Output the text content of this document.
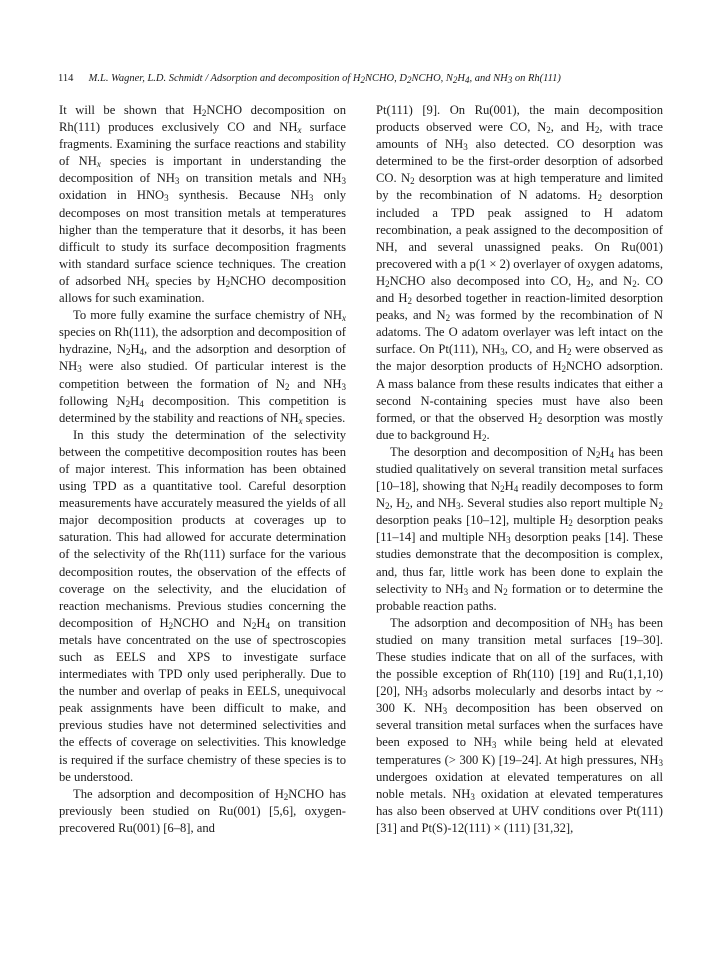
114 M.L. Wagner, L.D. Schmidt / Adsorption and decomposition of $H_2NCHO$, $D_2NCHO$, $N_2H_4$, and $NH_3$ on Rh(111)

It will be shown that $H_2NCHO$ decomposition on Rh(111) produces exclusively CO and $NH_x$ surface fragments. Examining the surface reactions and stability of $NH_x$ species is important in understanding the decomposition of $NH_3$ on transition metals and $NH_3$ oxidation in $HNO_3$ synthesis. Because $NH_3$ only decomposes on most transition metals at temperatures higher than the temperature that it desorbs, it has been difficult to study its surface decomposition fragments with standard surface science techniques. The creation of adsorbed $NH_x$ species by $H_2NCHO$ decomposition allows for such examination.

To more fully examine the surface chemistry of $NH_x$ species on Rh(111), the adsorption and decomposition of hydrazine, $N_2H_4$, and the adsorption and desorption of $NH_3$ were also studied. Of particular interest is the competition between the formation of $N_2$ and $NH_3$ following $N_2H_4$ decomposition. This competition is determined by the stability and reactions of $NH_x$ species.

In this study the determination of the selectivity between the competitive decomposition routes has been of major interest. This information has been obtained using TPD as a quantitative tool. Careful desorption measurements have accurately measured the yields of all major decomposition products at coverages up to saturation. This had allowed for accurate determination of the selectivity of the Rh(111) surface for the various decomposition routes, the observation of the effects of coverage on the selectivity, and the elucidation of reaction mechanisms. Previous studies concerning the decomposition of $H_2NCHO$ and $N_2H_4$ on transition metals have concentrated on the use of spectroscopies such as EELS and XPS to investigate surface intermediates with TPD only used peripherally. Due to the number and overlap of peaks in EELS, unequivocal peak assignments have been difficult to make, and previous studies have not determined selectivities and the effects of coverage on selectivities. This knowledge is required if the surface chemistry of these species is to be understood.

The adsorption and decomposition of $H_2NCHO$ has previously been studied on Ru(001) [5,6], oxygen-precovered Ru(001) [6–8], and

Pt(111) [9]. On Ru(001), the main decomposition products observed were CO, $N_2$, and $H_2$, with trace amounts of $NH_3$ also detected. CO desorption was determined to be the first-order desorption of adsorbed CO. $N_2$ desorption was at high temperature and limited by the recombination of N adatoms. $H_2$ desorption included a TPD peak assigned to H adatom recombination, a peak assigned to the decomposition of NH, and several unassigned peaks. On Ru(001) precovered with a p(1 × 2) overlayer of oxygen adatoms, $H_2NCHO$ also decomposed into CO, $H_2$, and $N_2$. CO and $H_2$ desorbed together in reaction-limited desorption peaks, and $N_2$ was formed by the recombination of N adatoms. The O adatom overlayer was left intact on the surface. On Pt(111), $NH_3$, CO, and $H_2$ were observed as the major desorption products of $H_2NCHO$ adsorption. A mass balance from these results indicates that either a second N-containing species must have also been formed, or that the observed $H_2$ desorption was mostly due to background $H_2$.

The desorption and decomposition of $N_2H_4$ has been studied qualitatively on several transition metal surfaces [10–18], showing that $N_2H_4$ readily decomposes to form $N_2$, $H_2$, and $NH_3$. Several studies also report multiple $N_2$ desorption peaks [10–12], multiple $H_2$ desorption peaks [11–14] and multiple $NH_3$ desorption peaks [14]. These studies demonstrate that the decomposition is complex, and, thus far, little work has been done to explain the selectivity to $NH_3$ and $N_2$ formation or to determine the probable reaction paths.

The adsorption and decomposition of $NH_3$ has been studied on many transition metal surfaces [19–30]. These studies indicate that on all of the surfaces, with the possible exception of Rh(110) [19] and Ru(1,1,10) [20], $NH_3$ adsorbs molecularly and desorbs intact by ~ 300 K. $NH_3$ decomposition has been observed on several transition metal surfaces when the surfaces have been exposed to $NH_3$ while being held at elevated temperatures (> 300 K) [19–24]. At high pressures, $NH_3$ undergoes oxidation at elevated temperatures on all noble metals. $NH_3$ oxidation at elevated temperatures has also been observed at UHV conditions over Pt(111) [31] and Pt(S)-12(111) × (111) [31,32],
